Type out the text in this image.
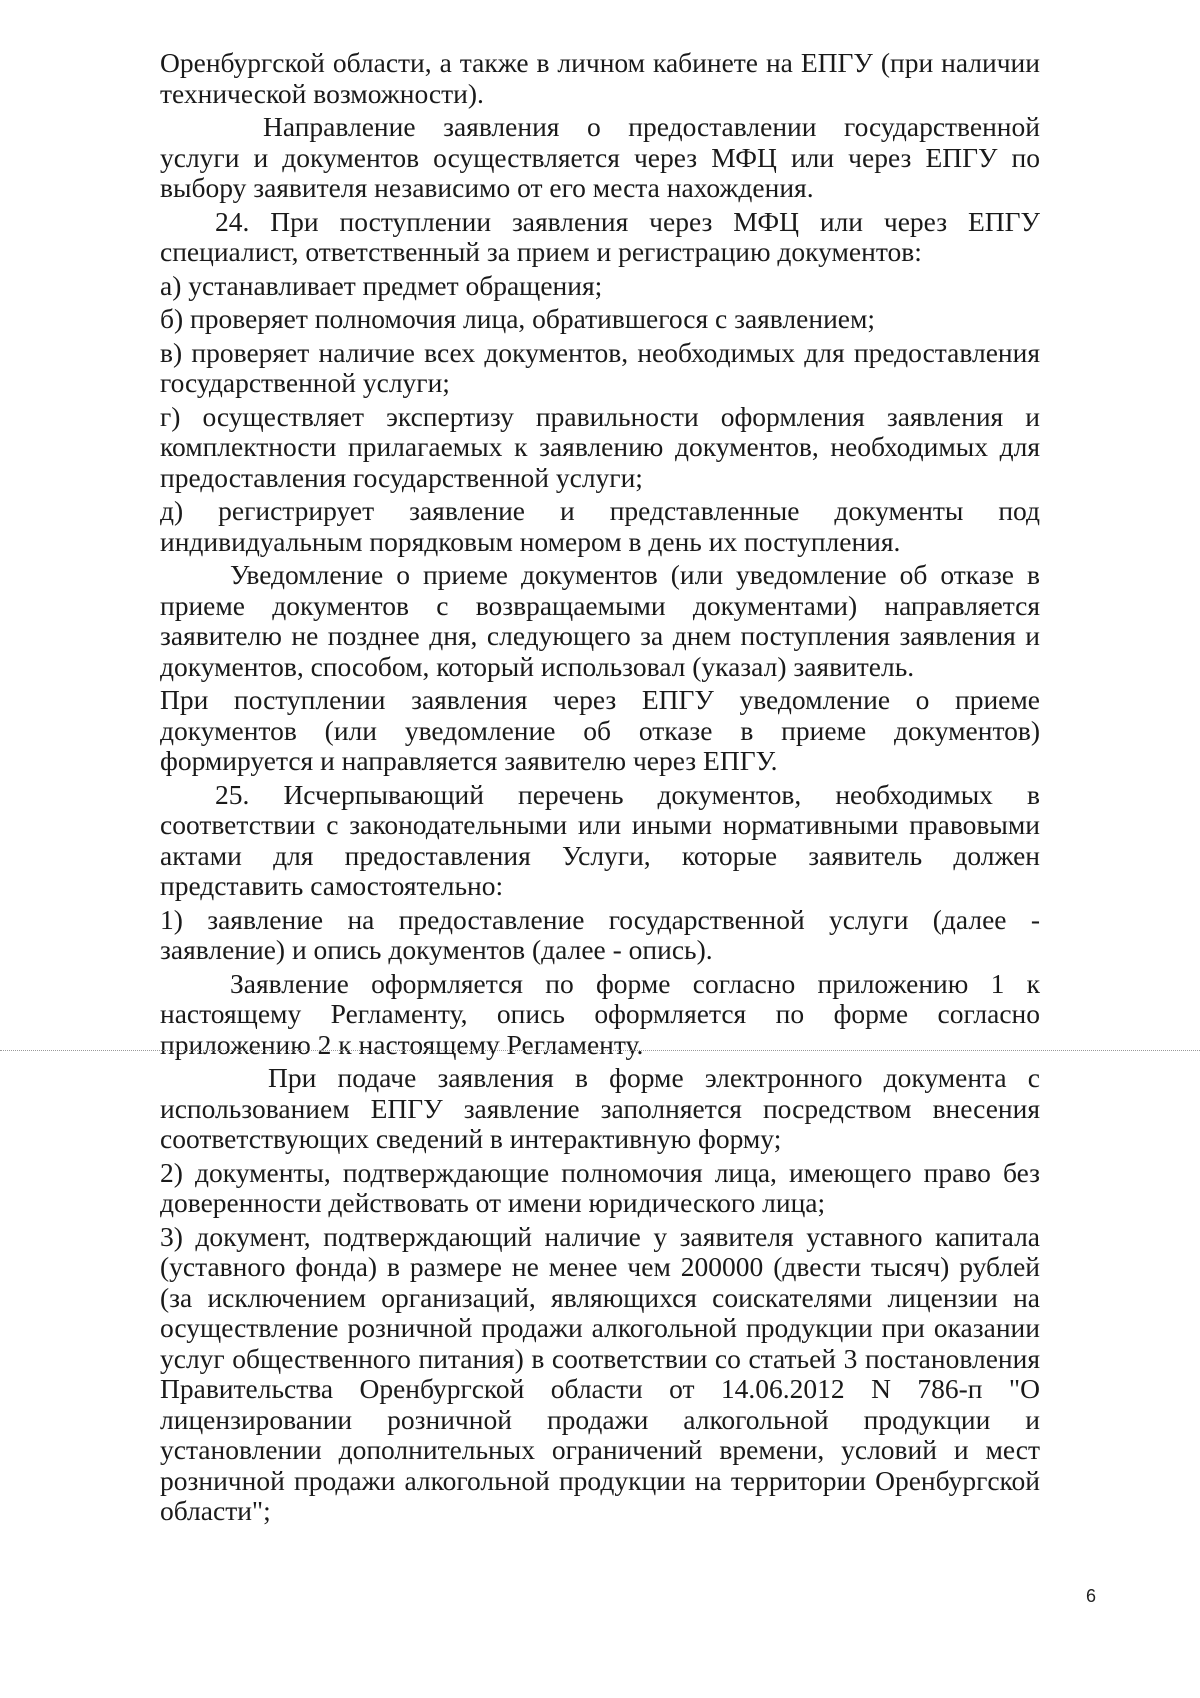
Оренбургской области, а также в личном кабинете на ЕПГУ (при наличии технической возможности).

Направление заявления о предоставлении государственной услуги и документов осуществляется через МФЦ или через ЕПГУ по выбору заявителя независимо от его места нахождения.

24. При поступлении заявления через МФЦ или через ЕПГУ специалист, ответственный за прием и регистрацию документов:

а) устанавливает предмет обращения;

б) проверяет полномочия лица, обратившегося с заявлением;

в) проверяет наличие всех документов, необходимых для предоставления государственной услуги;

г) осуществляет экспертизу правильности оформления заявления и комплектности прилагаемых к заявлению документов, необходимых для предоставления государственной услуги;

д) регистрирует заявление и представленные документы под индивидуальным порядковым номером в день их поступления.

Уведомление о приеме документов (или уведомление об отказе в приеме документов с возвращаемыми документами) направляется заявителю не позднее дня, следующего за днем поступления заявления и документов, способом, который использовал (указал) заявитель.

При поступлении заявления через ЕПГУ уведомление о приеме документов (или уведомление об отказе в приеме документов) формируется и направляется заявителю через ЕПГУ.

25. Исчерпывающий перечень документов, необходимых в соответствии с законодательными или иными нормативными правовыми актами для предоставления Услуги, которые заявитель должен представить самостоятельно:

1) заявление на предоставление государственной услуги (далее - заявление) и опись документов (далее - опись).

Заявление оформляется по форме согласно приложению 1 к настоящему Регламенту, опись оформляется по форме согласно приложению 2 к настоящему Регламенту.

При подаче заявления в форме электронного документа с использованием ЕПГУ заявление заполняется посредством внесения соответствующих сведений в интерактивную форму;

2) документы, подтверждающие полномочия лица, имеющего право без доверенности действовать от имени юридического лица;

3) документ, подтверждающий наличие у заявителя уставного капитала (уставного фонда) в размере не менее чем 200000 (двести тысяч) рублей (за исключением организаций, являющихся соискателями лицензии на осуществление розничной продажи алкогольной продукции при оказании услуг общественного питания) в соответствии со статьей 3 постановления Правительства Оренбургской области от 14.06.2012 N 786-п "О лицензировании розничной продажи алкогольной продукции и установлении дополнительных ограничений времени, условий и мест розничной продажи алкогольной продукции на территории Оренбургской области";

6
